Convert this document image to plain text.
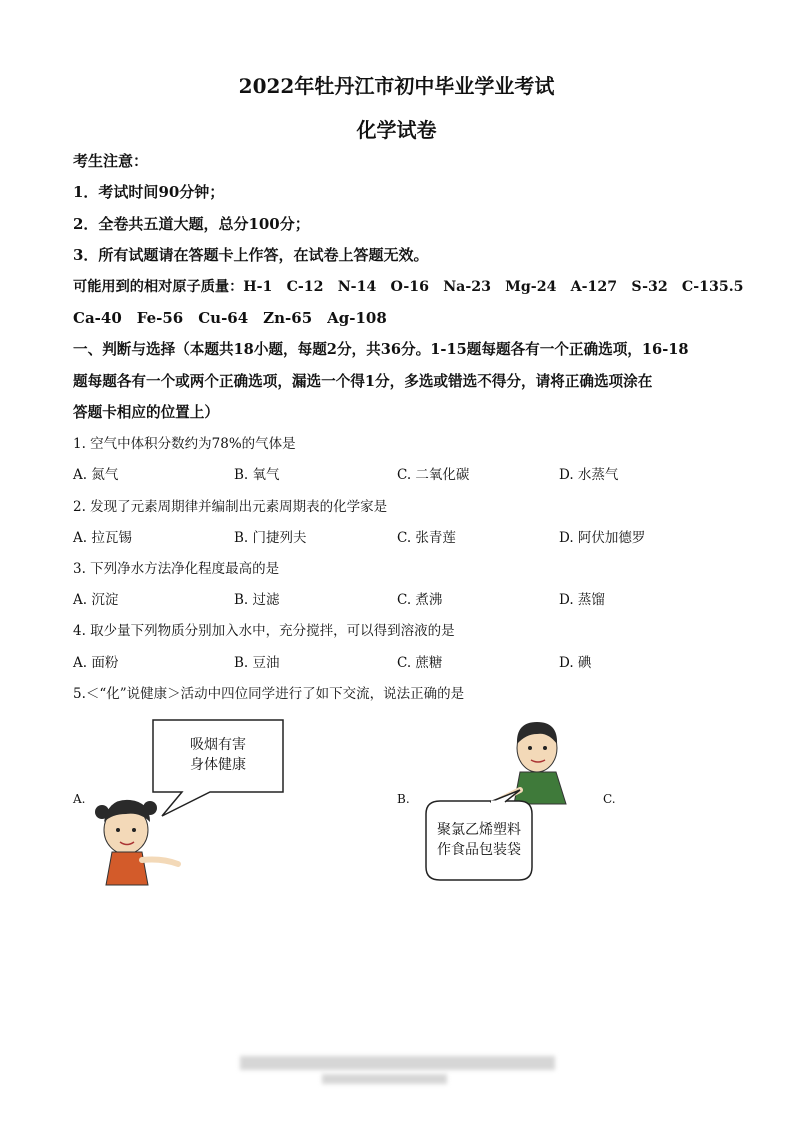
2022年牡丹江市初中毕业学业考试
化学试卷
考生注意：
1．考试时间90分钟；
2．全卷共五道大题，总分100分；
3．所有试题请在答题卡上作答，在试卷上答题无效。
可能用到的相对原子质量：H-1　C-12　N-14　O-16　Na-23　Mg-24　A-127　S-32　C-135.5
Ca-40　Fe-56　Cu-64　Zn-65　Ag-108
一、判断与选择（本题共18小题，每题2分，共36分。1-15题每题各有一个正确选项，16-18
题每题各有一个或两个正确选项，漏选一个得1分，多选或错选不得分，请将正确选项涂在
答题卡相应的位置上）
1. 空气中体积分数约为78%的气体是
A. 氮气	B. 氧气	C. 二氧化碳	D. 水蒸气
2. 发现了元素周期律并编制出元素周期表的化学家是
A. 拉瓦锡	B. 门捷列夫	C. 张青莲	D. 阿伏加德罗
3. 下列净水方法净化程度最高的是
A. 沉淀	B. 过滤	C. 煮沸	D. 蒸馏
4. 取少量下列物质分别加入水中，充分搅拌，可以得到溶液的是
A. 面粉	B. 豆油	C. 蔗糖	D. 碘
5.＜“化”说健康＞活动中四位同学进行了如下交流，说法正确的是
吸烟有害
身体健康
聚氯乙烯塑料
作食品包装袋
A.	B.	C.
